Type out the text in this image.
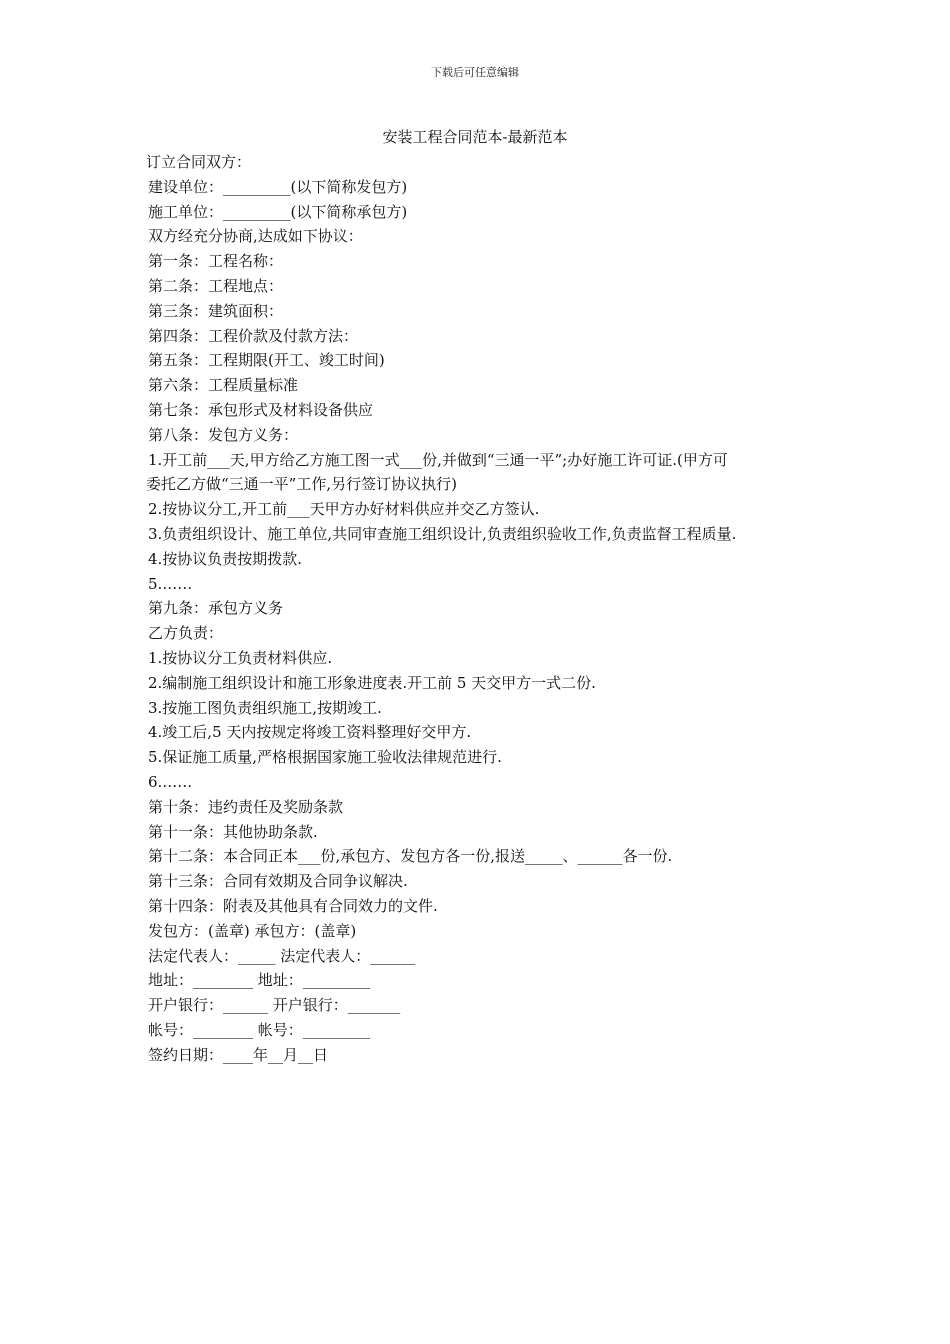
下载后可任意编辑
安装工程合同范本-最新范本
订立合同双方：
建设单位：_________(以下简称发包方)
施工单位：_________(以下简称承包方)
双方经充分协商,达成如下协议：
第一条：工程名称：
第二条：工程地点：
第三条：建筑面积：
第四条：工程价款及付款方法：
第五条：工程期限(开工、竣工时间)
第六条：工程质量标准
第七条：承包形式及材料设备供应
第八条：发包方义务：
1.开工前___天,甲方给乙方施工图一式___份,并做到“三通一平”;办好施工许可证.(甲方可
委托乙方做“三通一平”工作,另行签订协议执行)
2.按协议分工,开工前___天甲方办好材料供应并交乙方签认.
3.负责组织设计、施工单位,共同审查施工组织设计,负责组织验收工作,负责监督工程质量.
4.按协议负责按期拨款.
5.……
第九条：承包方义务
乙方负责：
1.按协议分工负责材料供应.
2.编制施工组织设计和施工形象进度表.开工前 5 天交甲方一式二份.
3.按施工图负责组织施工,按期竣工.
4.竣工后,5 天内按规定将竣工资料整理好交甲方.
5.保证施工质量,严格根据国家施工验收法律规范进行.
6.……
第十条：违约责任及奖励条款
第十一条：其他协助条款.
第十二条：本合同正本___份,承包方、发包方各一份,报送_____、______各一份.
第十三条：合同有效期及合同争议解决.
第十四条：附表及其他具有合同效力的文件.
发包方：(盖章) 承包方：(盖章)
法定代表人：_____ 法定代表人：______
地址：________ 地址：_________
开户银行：______ 开户银行：_______
帐号：________ 帐号：_________
签约日期：____年__月__日
